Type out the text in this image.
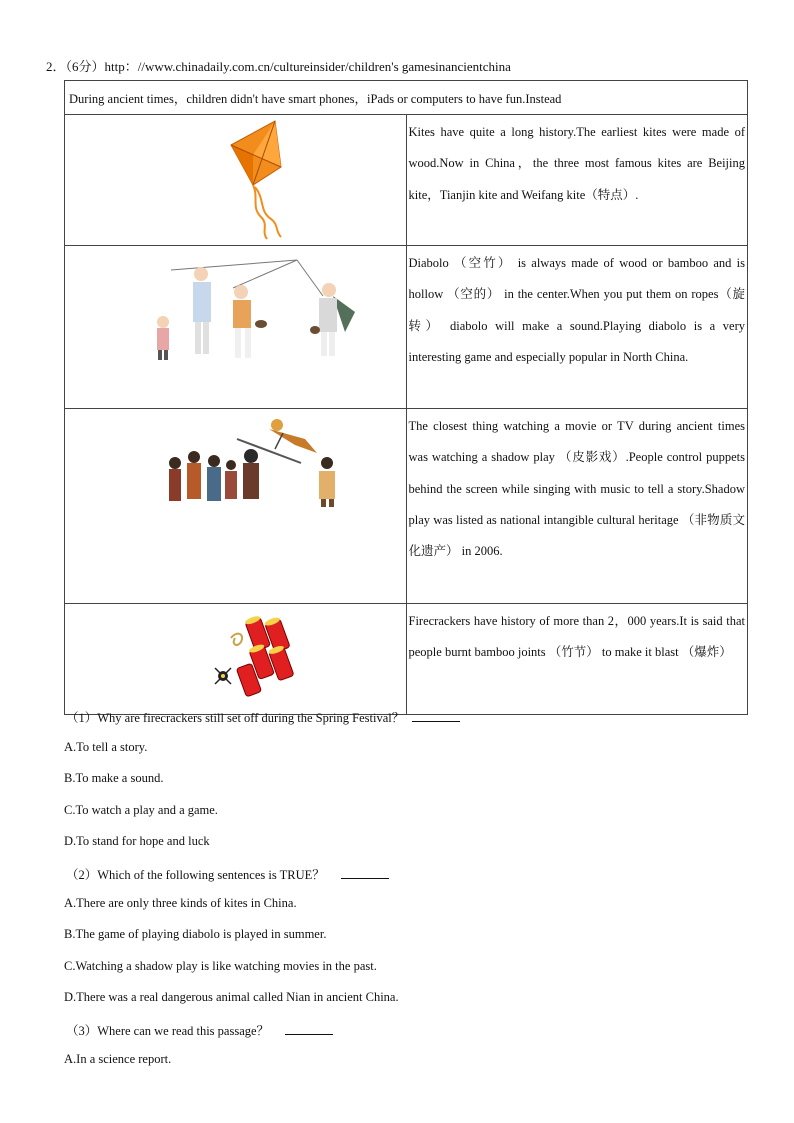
2．（6分）http：//www.chinadaily.com.cn/cultureinsider/children's gamesinancientchina
During ancient times，children didn't have smart phones，iPads or computers to have fun.Instead	

	Kites have quite a long history.The earliest kites were made of wood.Now in China，the three most famous kites are Beijing kite，Tianjin kite and Weifang kite（特点）.

	Diabolo （空竹） is always made of wood or bamboo and is hollow （空的） in the center.When you put them on ropes（旋转） diabolo will make a sound.Playing diabolo is a very interesting game and especially popular in North China.

	The closest thing watching a movie or TV during ancient times was watching a shadow play （皮影戏）.People control puppets behind the screen while singing with music to tell a story.Shadow play was listed as national intangible cultural heritage （非物质文化遗产） in 2006.

	Firecrackers have history of more than 2，000 years.It is said that people burnt bamboo joints （竹节） to make it blast （爆炸）
（1）Why are firecrackers still set off during the Spring Festival？
A.To tell a story.
B.To make a sound.
C.To watch a play and a game.
D.To stand for hope and luck
（2）Which of the following sentences is TRUE？
A.There are only three kinds of kites in China.
B.The game of playing diabolo is played in summer.
C.Watching a shadow play is like watching movies in the past.
D.There was a real dangerous animal called Nian in ancient China.
（3）Where can we read this passage？
A.In a science report.
